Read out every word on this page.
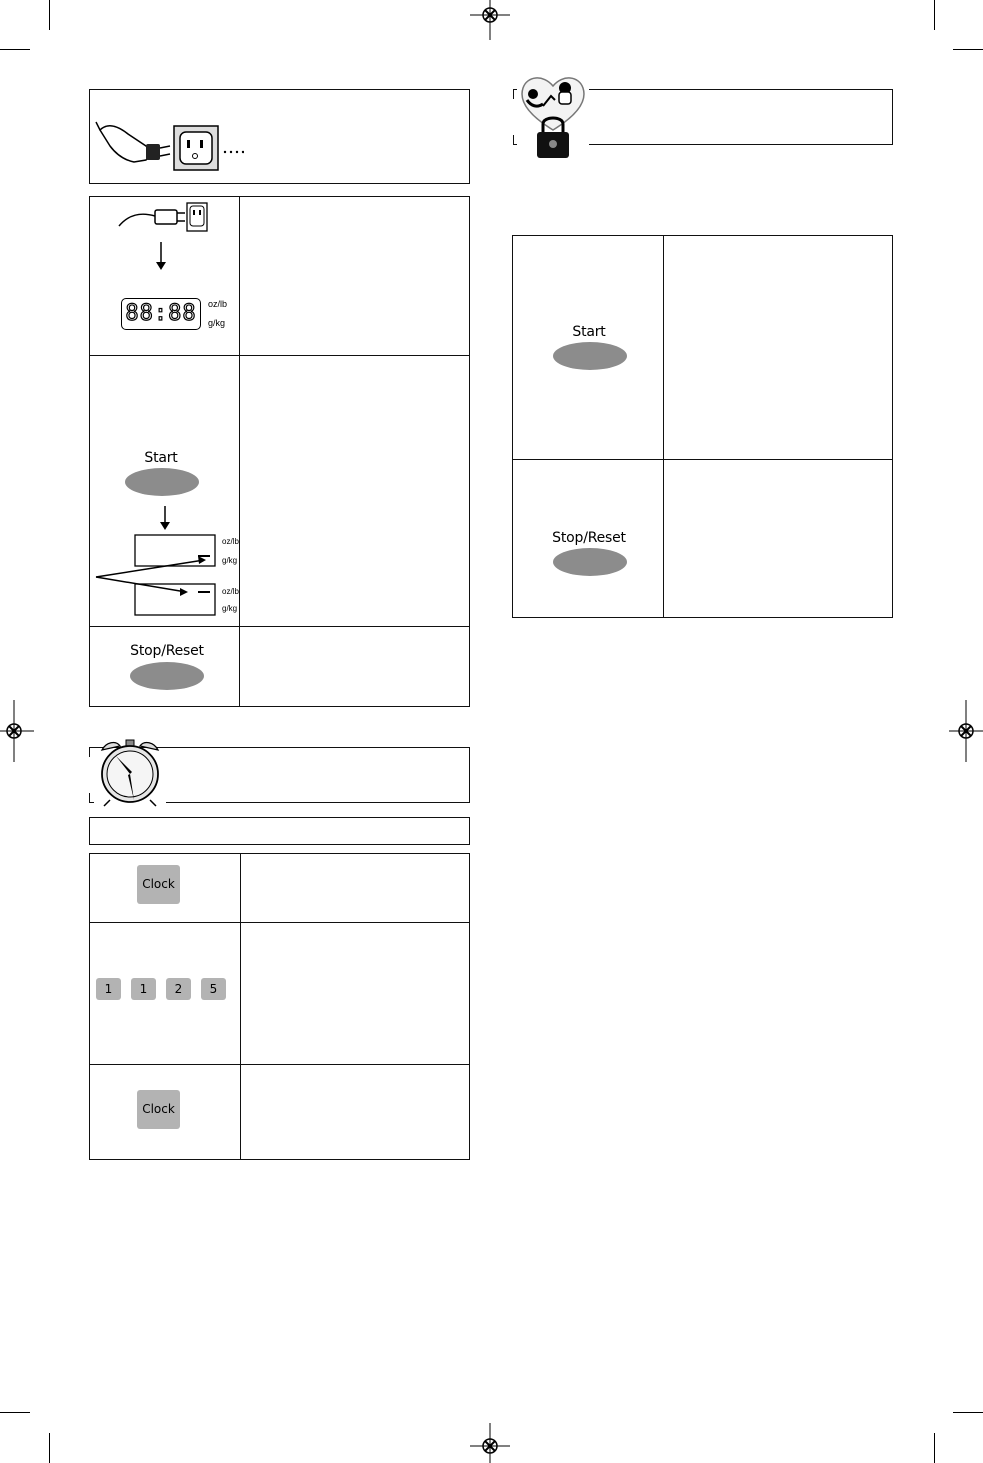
88:88	oz/lb
g/kg
Start
oz/lb
g/kg
oz/lb
g/kg
Stop/Reset
Clock
1	1	2	5
Clock
Start
Stop/Reset
